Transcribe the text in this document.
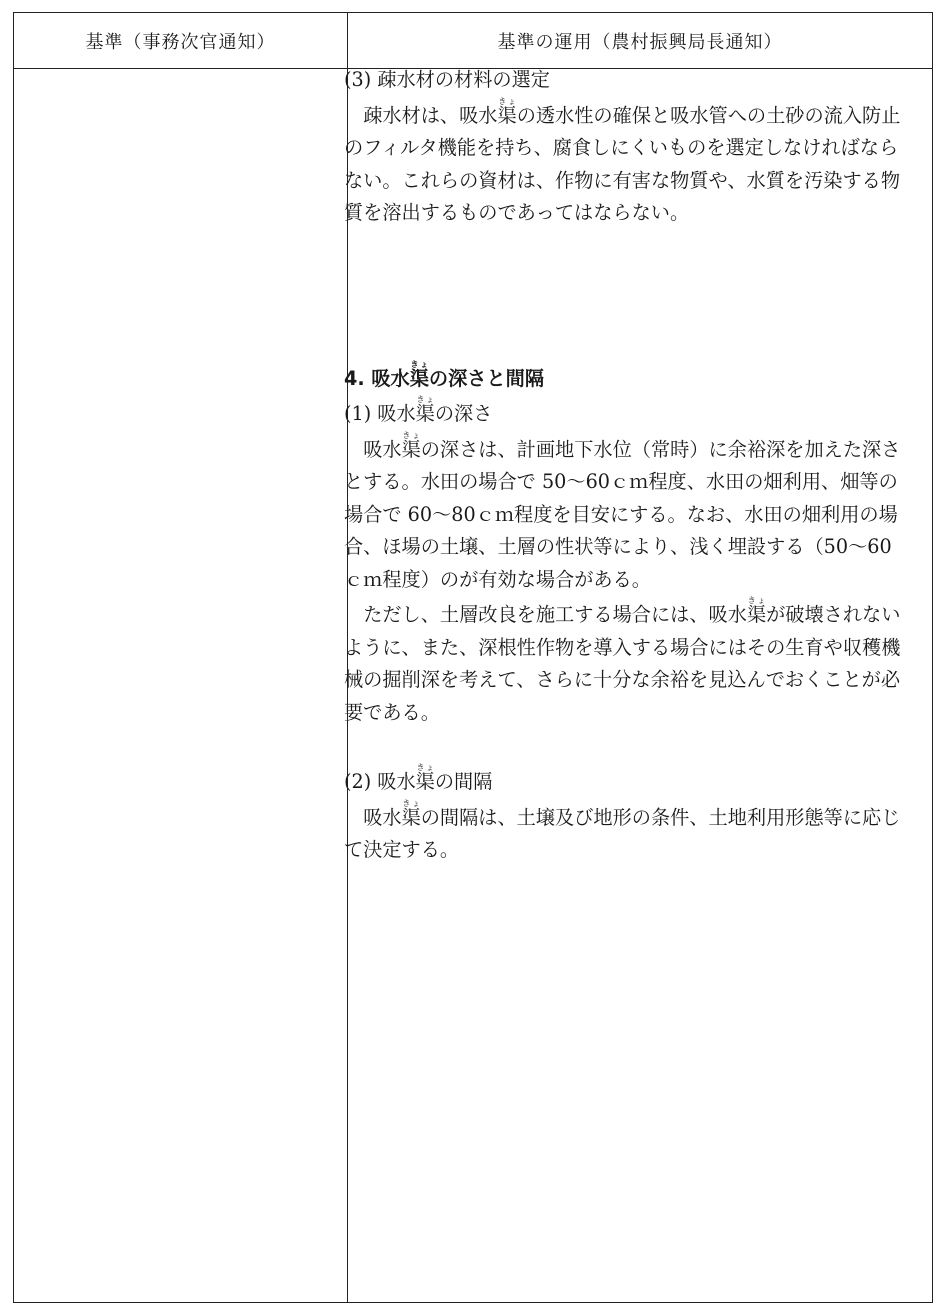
基準（事務次官通知）	基準の運用（農村振興局長通知）

(3) 疎水材の材料の選定

疎水材は、吸水渠きょの透水性の確保と吸水管への土砂の流入防止のフィルタ機能を持ち、腐食しにくいものを選定しなければならない。これらの資材は、作物に有害な物質や、水質を汚染する物質を溶出するものであってはならない。

4. 吸水渠きょの深さと間隔

(1) 吸水渠きょの深さ

吸水渠きょの深さは、計画地下水位（常時）に余裕深を加えた深さとする。水田の場合で 50〜60ｃｍ程度、水田の畑利用、畑等の場合で 60〜80ｃｍ程度を目安にする。なお、水田の畑利用の場合、ほ場の土壌、土層の性状等により、浅く埋設する（50〜60ｃｍ程度）のが有効な場合がある。

ただし、土層改良を施工する場合には、吸水渠きょが破壊されないように、また、深根性作物を導入する場合にはその生育や収穫機械の掘削深を考えて、さらに十分な余裕を見込んでおくことが必要である。

(2) 吸水渠きょの間隔

吸水渠きょの間隔は、土壌及び地形の条件、土地利用形態等に応じて決定する。
